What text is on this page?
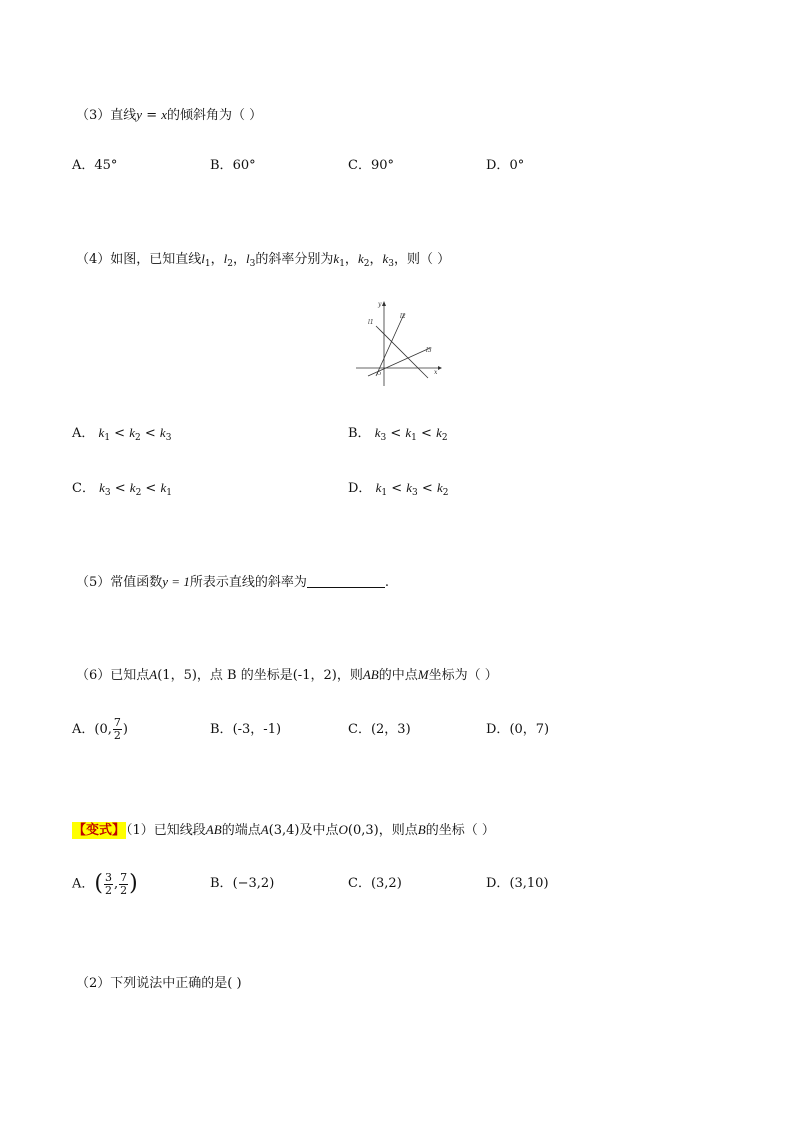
（3）直线y = x的倾斜角为（ ）
A．45°	B．60°	C．90°	D．0°
（4）如图，已知直线$l_1$，$l_2$，$l_3$的斜率分别为$k_1$，$k_2$，$k_3$，则（ ）
l1
l2
l3
x
y
O
A． $k_1 < k_2 < k_3$	B． $k_3 < k_1 < k_2$
C． $k_3 < k_2 < k_1$	D． $k_1 < k_3 < k_2$
（5）常值函数y = 1所表示直线的斜率为	.
（6）已知点A(1，5)，点 B 的坐标是(-1，2)，则AB的中点M坐标为（ ）
A．(0, $\frac{7}{2}$ )	B．(-3，-1)	C．(2，3)	D．(0，7)
【变式】（1）已知线段AB的端点A(3,4)及中点O(0,3)，则点B的坐标（ ）
A．( $\frac{3}{2}$ , $\frac{7}{2}$ )	B．(−3,2)	C．(3,2)	D．(3,10)
（2）下列说法中正确的是( )
